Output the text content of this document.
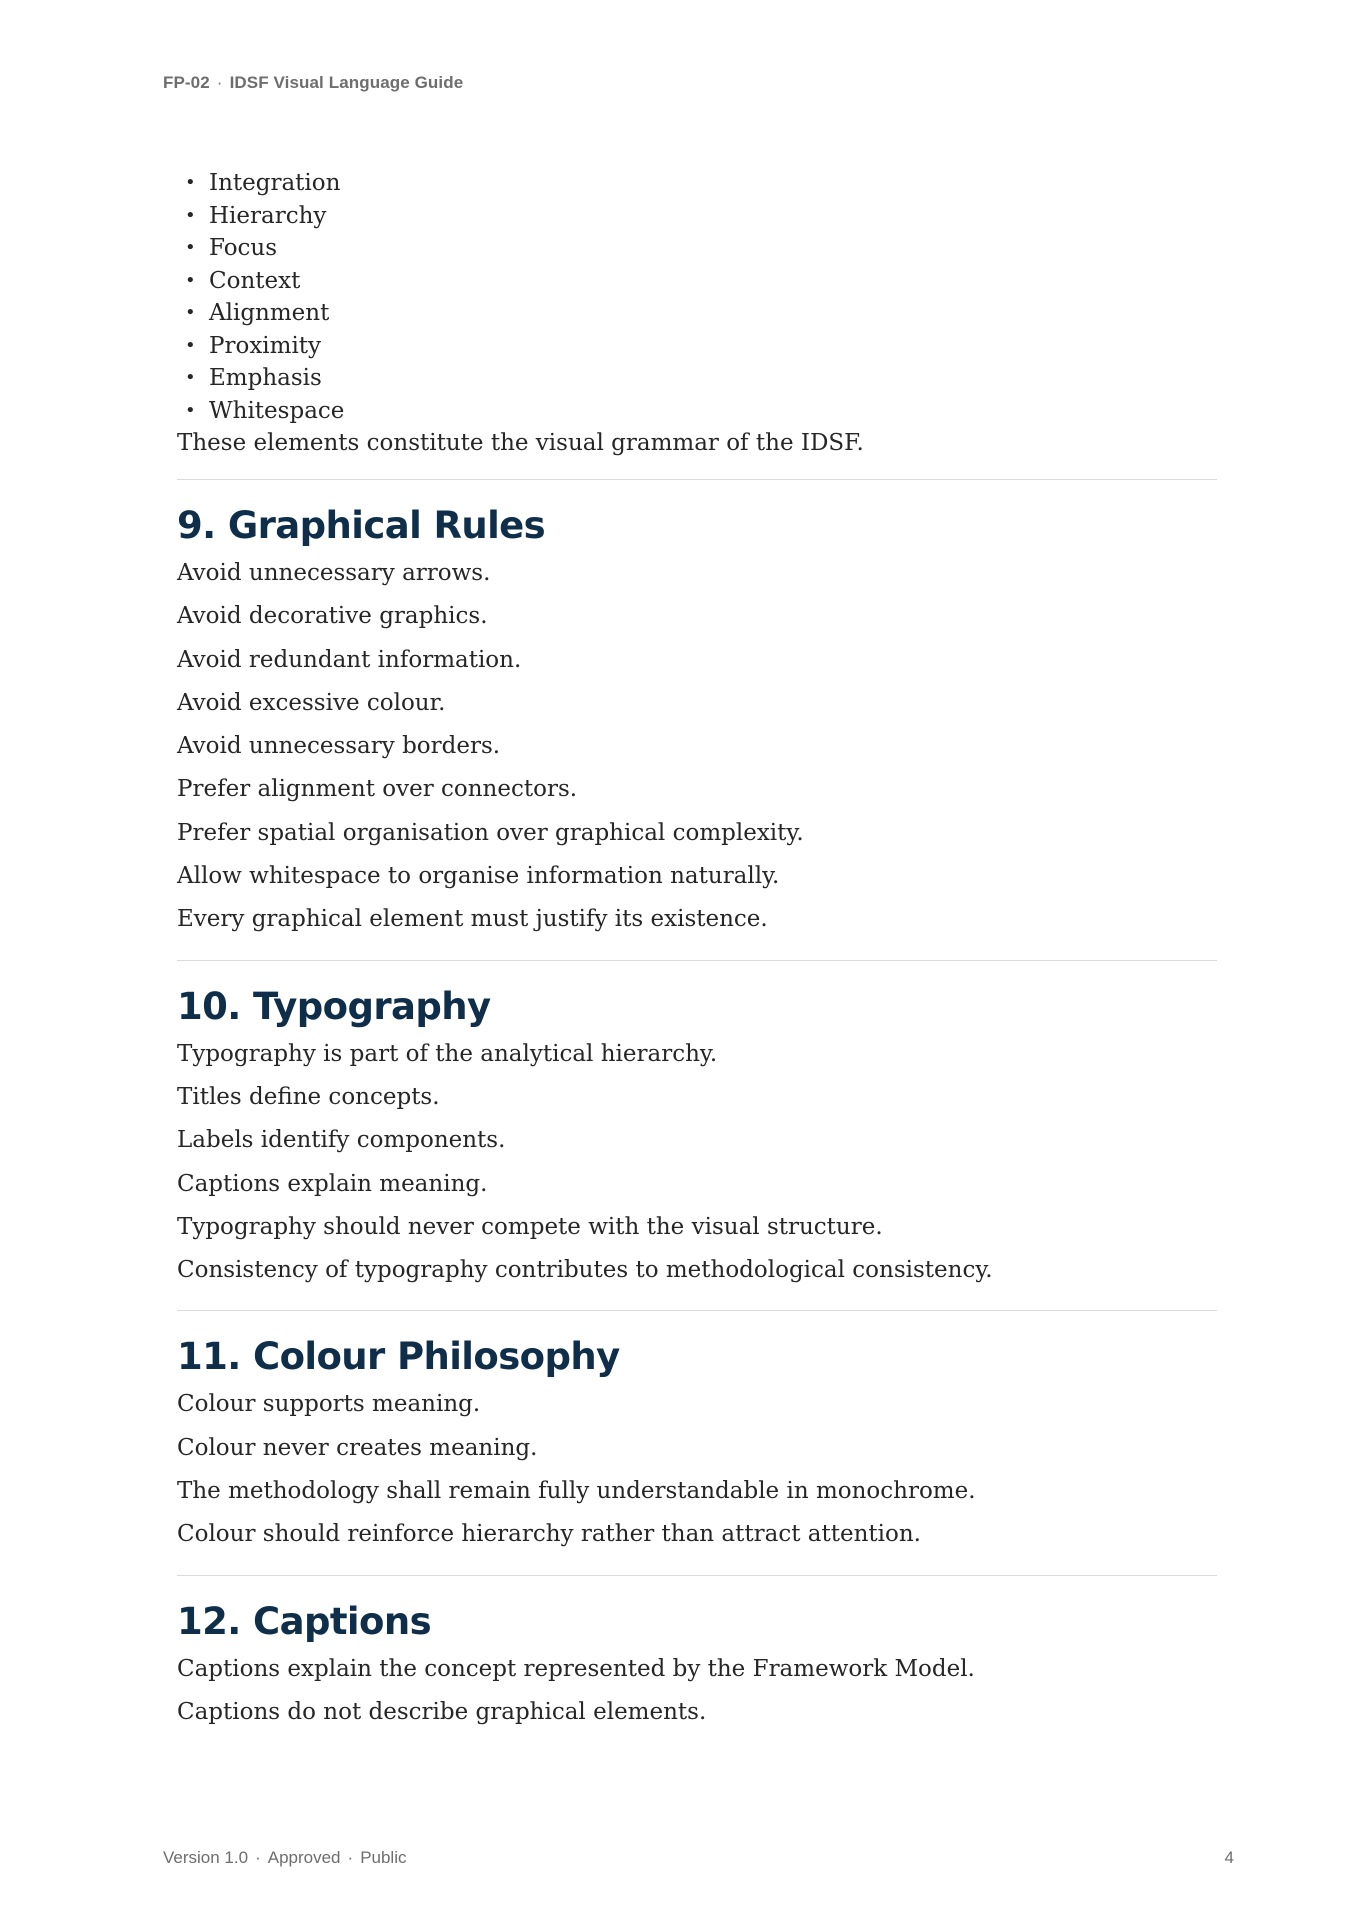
FP-02 · IDSF Visual Language Guide
• Integration
• Hierarchy
• Focus
• Context
• Alignment
• Proximity
• Emphasis
• Whitespace

These elements constitute the visual grammar of the IDSF.

9. Graphical Rules

Avoid unnecessary arrows.

Avoid decorative graphics.

Avoid redundant information.

Avoid excessive colour.

Avoid unnecessary borders.

Prefer alignment over connectors.

Prefer spatial organisation over graphical complexity.

Allow whitespace to organise information naturally.

Every graphical element must justify its existence.

10. Typography

Typography is part of the analytical hierarchy.

Titles define concepts.

Labels identify components.

Captions explain meaning.

Typography should never compete with the visual structure.

Consistency of typography contributes to methodological consistency.

11. Colour Philosophy

Colour supports meaning.

Colour never creates meaning.

The methodology shall remain fully understandable in monochrome.

Colour should reinforce hierarchy rather than attract attention.

12. Captions

Captions explain the concept represented by the Framework Model.

Captions do not describe graphical elements.

Version 1.0 · Approved · Public	4
